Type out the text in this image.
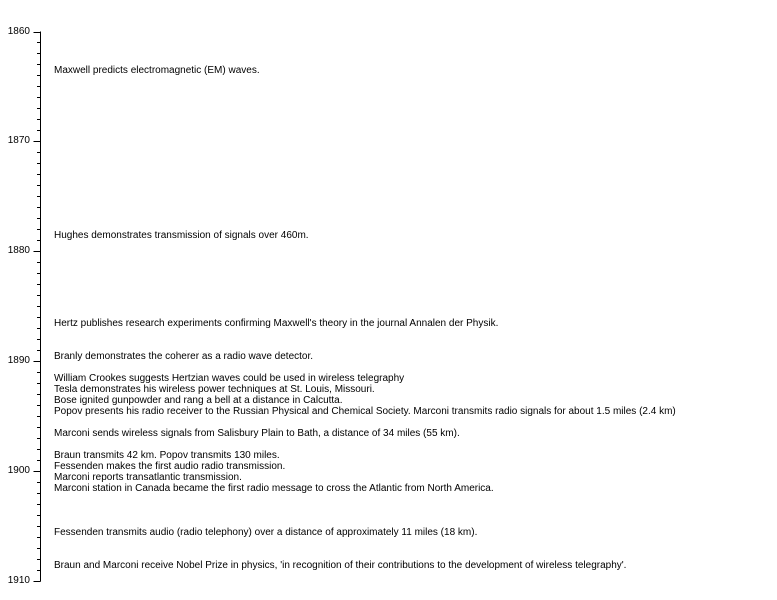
1860
1870
1880
1890
1900
1910
Maxwell predicts electromagnetic (EM) waves.
Hughes demonstrates transmission of signals over 460m.
Hertz publishes research experiments confirming Maxwell's theory in the journal Annalen der Physik.
Branly demonstrates the coherer as a radio wave detector.
William Crookes suggests Hertzian waves could be used in wireless telegraphy
Tesla demonstrates his wireless power techniques at St. Louis, Missouri.
Bose ignited gunpowder and rang a bell at a distance in Calcutta.
Popov presents his radio receiver to the Russian Physical and Chemical Society. Marconi transmits radio signals for about 1.5 miles (2.4 km)
Marconi sends wireless signals from Salisbury Plain to Bath, a distance of 34 miles (55 km).
Braun transmits 42 km. Popov transmits 130 miles.
Fessenden makes the first audio radio transmission.
Marconi reports transatlantic transmission.
Marconi station in Canada became the first radio message to cross the Atlantic from North America.
Fessenden transmits audio (radio telephony) over a distance of approximately 11 miles (18 km).
Braun and Marconi receive Nobel Prize in physics, 'in recognition of their contributions to the development of wireless telegraphy'.
